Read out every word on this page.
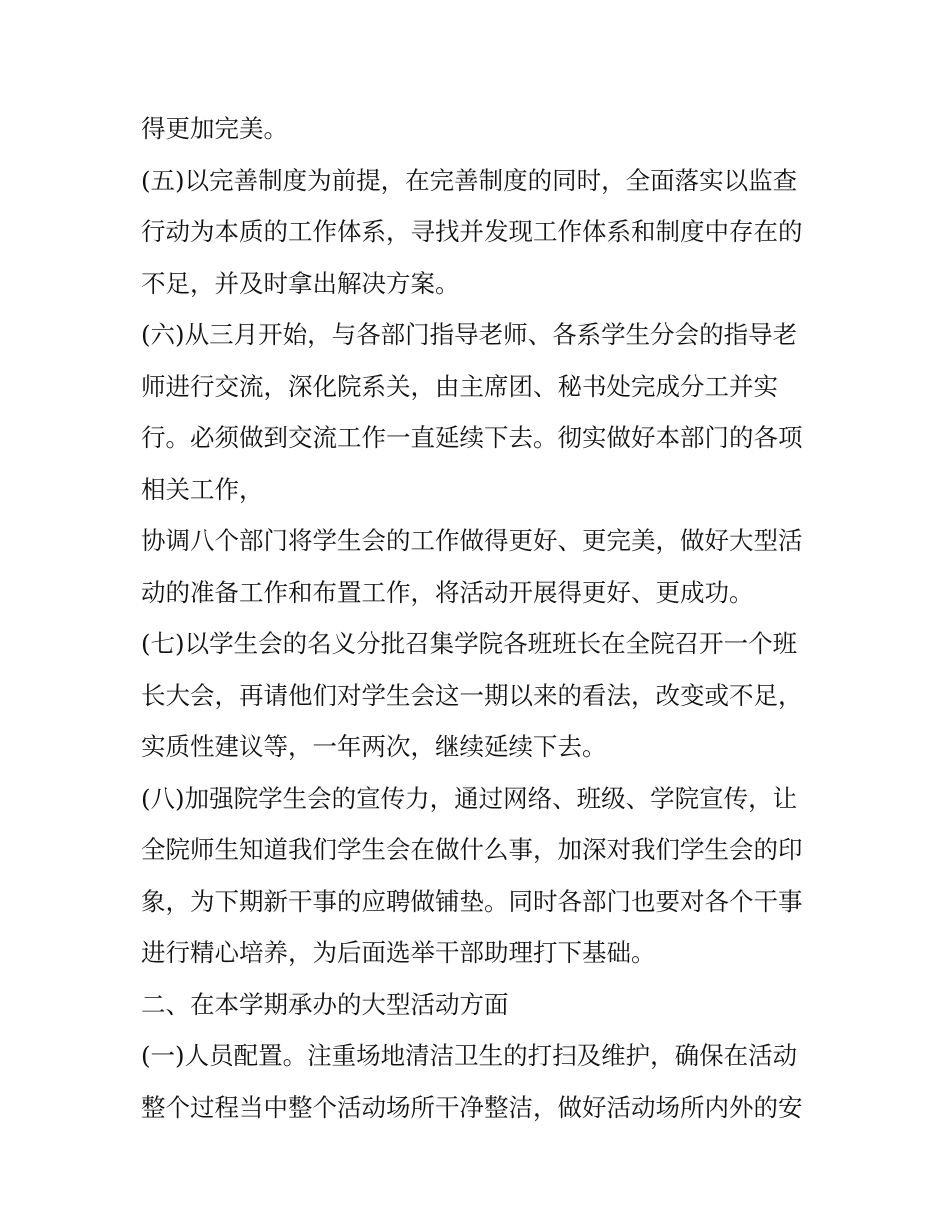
得更加完美。
(五)以完善制度为前提，在完善制度的同时，全面落实以监查
行动为本质的工作体系，寻找并发现工作体系和制度中存在的
不足，并及时拿出解决方案。
(六)从三月开始，与各部门指导老师、各系学生分会的指导老
师进行交流，深化院系关，由主席团、秘书处完成分工并实
行。必须做到交流工作一直延续下去。彻实做好本部门的各项
相关工作，
协调八个部门将学生会的工作做得更好、更完美，做好大型活
动的准备工作和布置工作，将活动开展得更好、更成功。
(七)以学生会的名义分批召集学院各班班长在全院召开一个班
长大会，再请他们对学生会这一期以来的看法，改变或不足，
实质性建议等，一年两次，继续延续下去。
(八)加强院学生会的宣传力，通过网络、班级、学院宣传，让
全院师生知道我们学生会在做什么事，加深对我们学生会的印
象，为下期新干事的应聘做铺垫。同时各部门也要对各个干事
进行精心培养，为后面选举干部助理打下基础。
二、在本学期承办的大型活动方面
(一)人员配置。注重场地清洁卫生的打扫及维护，确保在活动
整个过程当中整个活动场所干净整洁，做好活动场所内外的安
